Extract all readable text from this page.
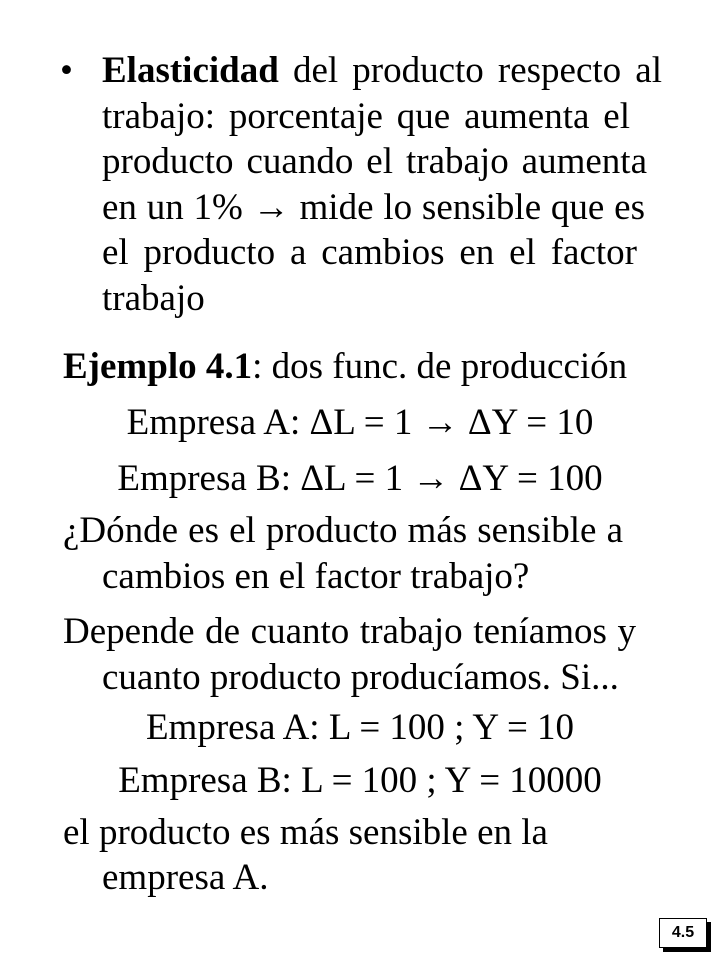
• Elasticidad del producto respecto al
trabajo: porcentaje que aumenta el
producto cuando el trabajo aumenta
en un 1% → mide lo sensible que es
el producto a cambios en el factor
trabajo
Ejemplo 4.1: dos func. de producción
Empresa A: ΔL = 1 → ΔY = 10
Empresa B: ΔL = 1 → ΔY = 100
¿Dónde es el producto más sensible a
cambios en el factor trabajo?
Depende de cuanto trabajo teníamos y
cuanto producto producíamos. Si...
Empresa A: L = 100 ; Y = 10
Empresa B: L = 100 ; Y = 10000
el producto es más sensible en la
empresa A.
4.5
